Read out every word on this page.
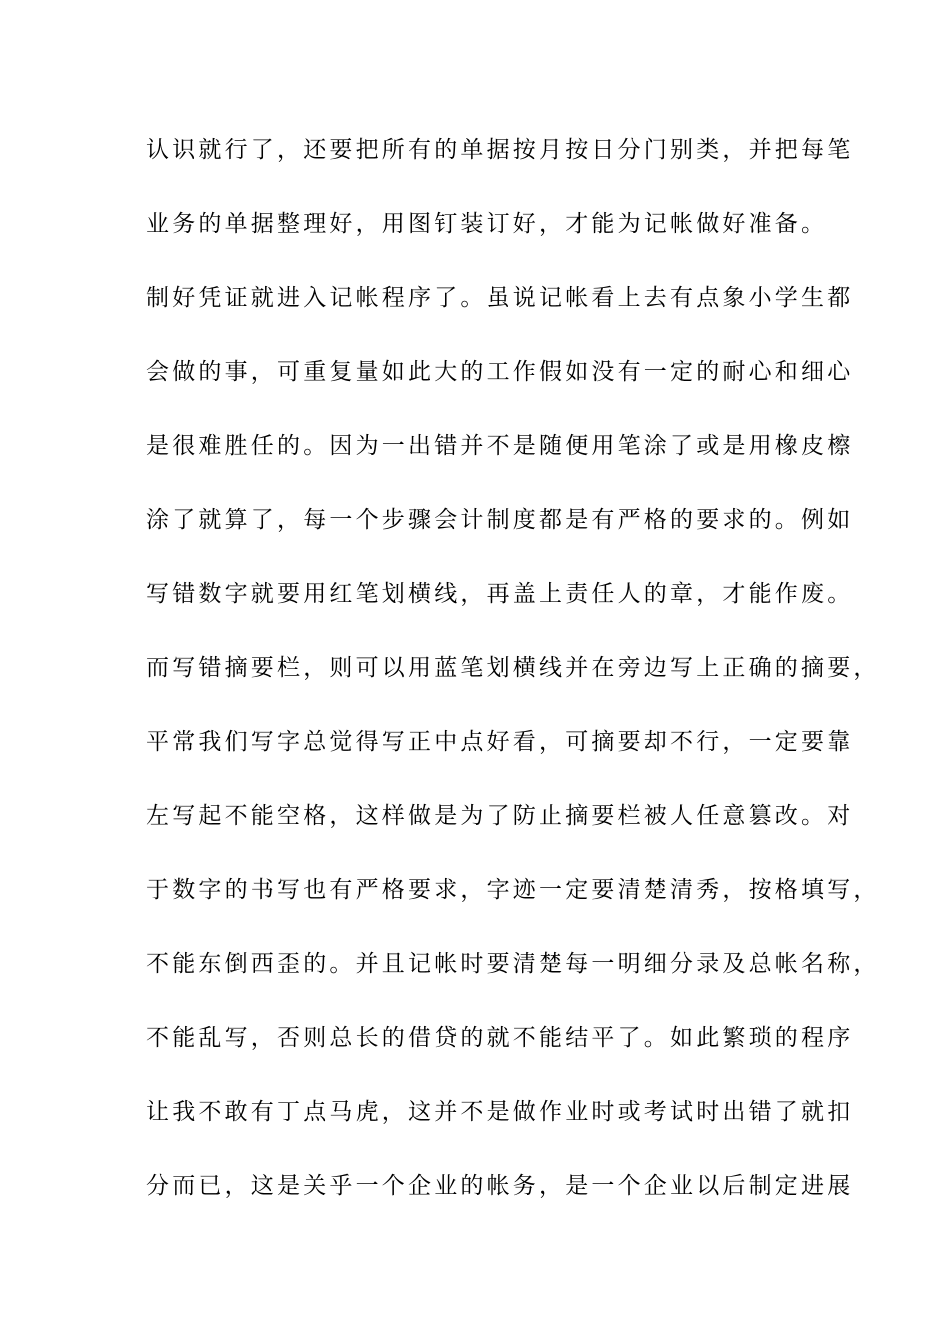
认识就行了，还要把所有的单据按月按日分门别类，并把每笔
业务的单据整理好，用图钉装订好，才能为记帐做好准备。
制好凭证就进入记帐程序了。虽说记帐看上去有点象小学生都
会做的事，可重复量如此大的工作假如没有一定的耐心和细心
是很难胜任的。因为一出错并不是随便用笔涂了或是用橡皮檫
涂了就算了，每一个步骤会计制度都是有严格的要求的。例如
写错数字就要用红笔划横线，再盖上责任人的章，才能作废。
而写错摘要栏，则可以用蓝笔划横线并在旁边写上正确的摘要，
平常我们写字总觉得写正中点好看，可摘要却不行，一定要靠
左写起不能空格，这样做是为了防止摘要栏被人任意篡改。对
于数字的书写也有严格要求，字迹一定要清楚清秀，按格填写，
不能东倒西歪的。并且记帐时要清楚每一明细分录及总帐名称，
不能乱写，否则总长的借贷的就不能结平了。如此繁琐的程序
让我不敢有丁点马虎，这并不是做作业时或考试时出错了就扣
分而已，这是关乎一个企业的帐务，是一个企业以后制定进展
